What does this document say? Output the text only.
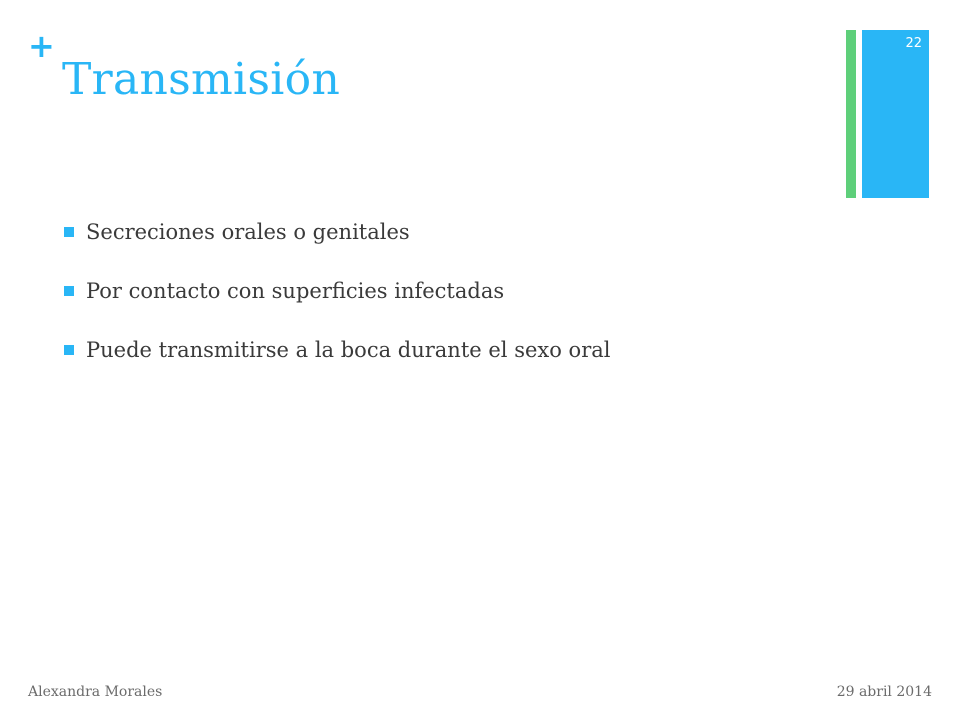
+
Transmisión
22
Secreciones orales o genitales
Por contacto con superficies infectadas
Puede transmitirse a la boca durante el sexo oral
Alexandra Morales	29 abril 2014
